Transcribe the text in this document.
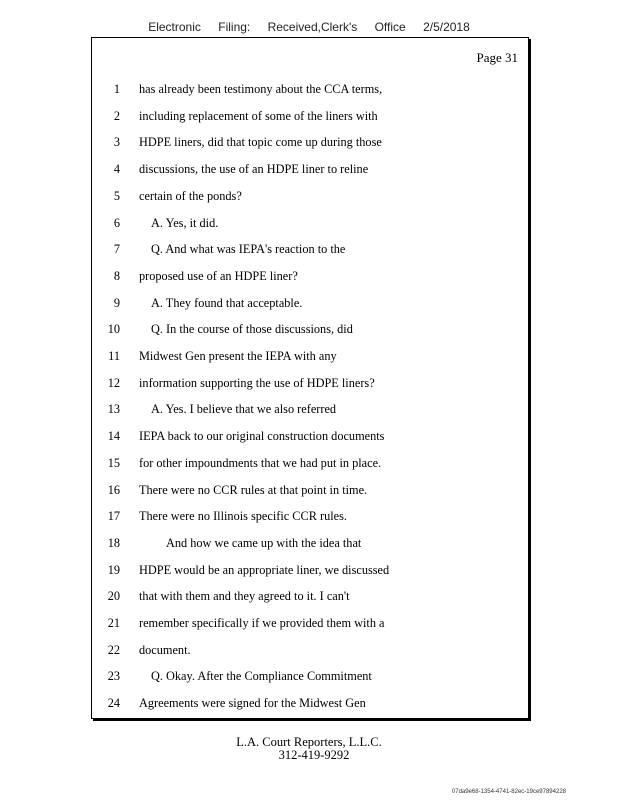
Electronic Filing: Received,Clerk's Office 2/5/2018
Page 31
1 has already been testimony about the CCA terms,
2 including replacement of some of the liners with
3 HDPE liners, did that topic come up during those
4 discussions, the use of an HDPE liner to reline
5 certain of the ponds?
6	A. Yes, it did.
7	Q. And what was IEPA's reaction to the
8 proposed use of an HDPE liner?
9	A. They found that acceptable.
10	Q. In the course of those discussions, did
11 Midwest Gen present the IEPA with any
12 information supporting the use of HDPE liners?
13	A. Yes. I believe that we also referred
14 IEPA back to our original construction documents
15 for other impoundments that we had put in place.
16 There were no CCR rules at that point in time.
17 There were no Illinois specific CCR rules.
18	And how we came up with the idea that
19 HDPE would be an appropriate liner, we discussed
20 that with them and they agreed to it. I can't
21 remember specifically if we provided them with a
22 document.
23	Q. Okay. After the Compliance Commitment
24 Agreements were signed for the Midwest Gen
L.A. Court Reporters, L.L.C.
312-419-9292
07da9e68-1354-4741-82ec-19ce97894228
